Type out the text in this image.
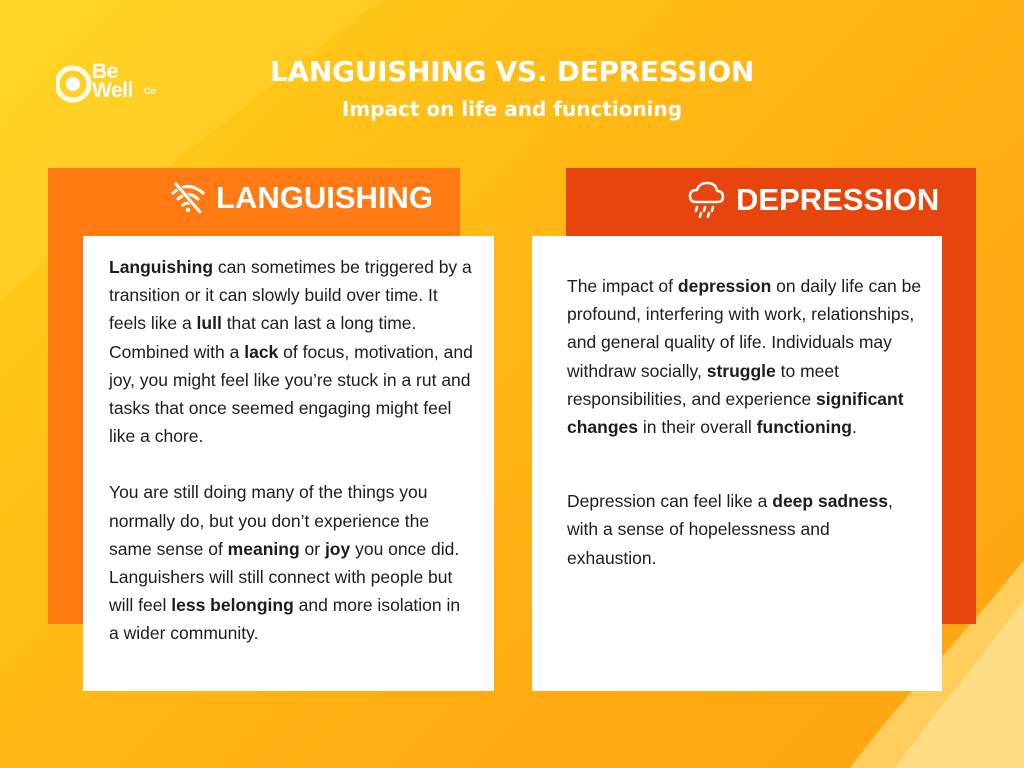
Be
Well Co
LANGUISHING VS. DEPRESSION
Impact on life and functioning
LANGUISHING	DEPRESSION

Languishing can sometimes be triggered by a transition or it can slowly build over time. It feels like a lull that can last a long time. Combined with a lack of focus, motivation, and joy, you might feel like you’re stuck in a rut and tasks that once seemed engaging might feel like a chore.

You are still doing many of the things you normally do, but you don’t experience the same sense of meaning or joy you once did. Languishers will still connect with people but will feel less belonging and more isolation in a wider community.

The impact of depression on daily life can be profound, interfering with work, relationships, and general quality of life. Individuals may withdraw socially, struggle to meet responsibilities, and experience significant changes in their overall functioning.

Depression can feel like a deep sadness, with a sense of hopelessness and exhaustion.
